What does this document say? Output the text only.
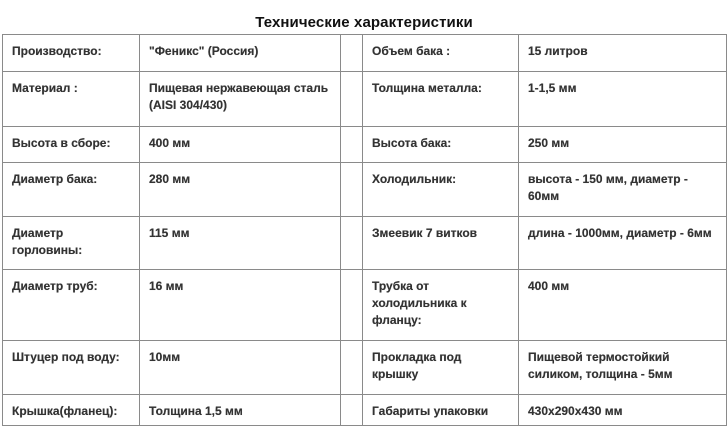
Технические характеристики
Производство:	"Феникс" (Россия)		Объем бака :	15 литров
Материал :	Пищевая нержавеющая сталь (AISI 304/430)		Толщина металла:	1-1,5 мм
Высота в сборе:	400 мм		Высота бака:	250 мм
Диаметр бака:	280 мм		Холодильник:	высота - 150 мм, диаметр - 60мм
Диаметр горловины:	115 мм		Змеевик 7 витков	длина - 1000мм, диаметр - 6мм
Диаметр труб:	16 мм		Трубка от холодильника к фланцу:	400 мм
Штуцер под воду:	10мм		Прокладка под крышку	Пищевой термостойкий силиком, толщина - 5мм
Крышка(фланец):	Толщина 1,5 мм		Габариты упаковки	430х290х430 мм
